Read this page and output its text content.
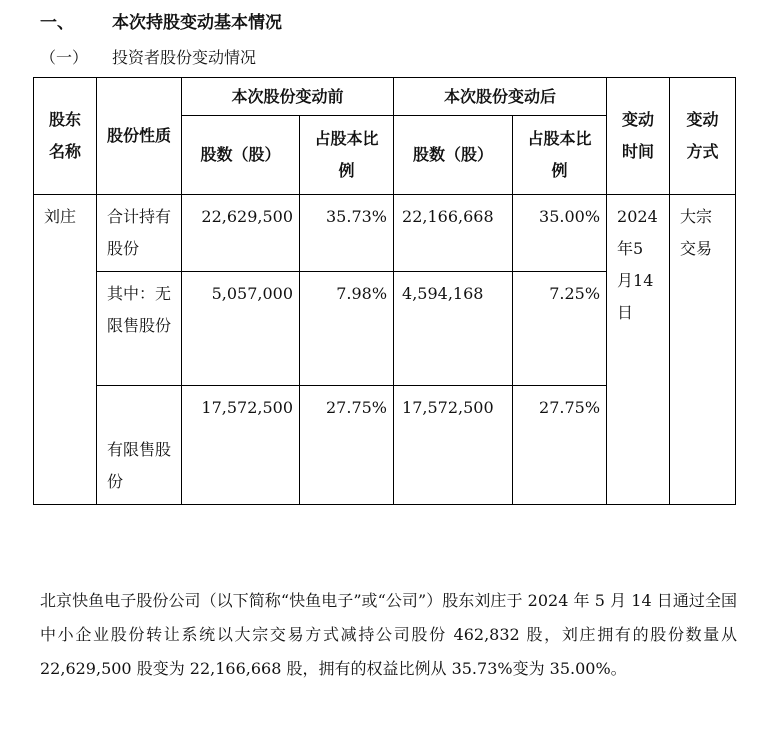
一、 本次持股变动基本情况
（一） 投资者股份变动情况
股东名称	股份性质	本次股份变动前		本次股份变动后		变动时间	变动方式
		股数（股）	占股本比例	股数（股）	占股本比例		
刘庄	合计持有股份	22,629,500	35.73%	22,166,668	35.00%	2024年5月14日	大宗交易
	其中：无限售股份	5,057,000	7.98%	4,594,168	7.25%		
	有限售股份	17,572,500	27.75%	17,572,500	27.75%		
北京快鱼电子股份公司（以下简称“快鱼电子”或“公司”）股东刘庄于 2024 年 5 月 14 日通过全国中小企业股份转让系统以大宗交易方式减持公司股份 462,832 股，刘庄拥有的股份数量从 22,629,500 股变为 22,166,668 股，拥有的权益比例从 35.73%变为 35.00%。
